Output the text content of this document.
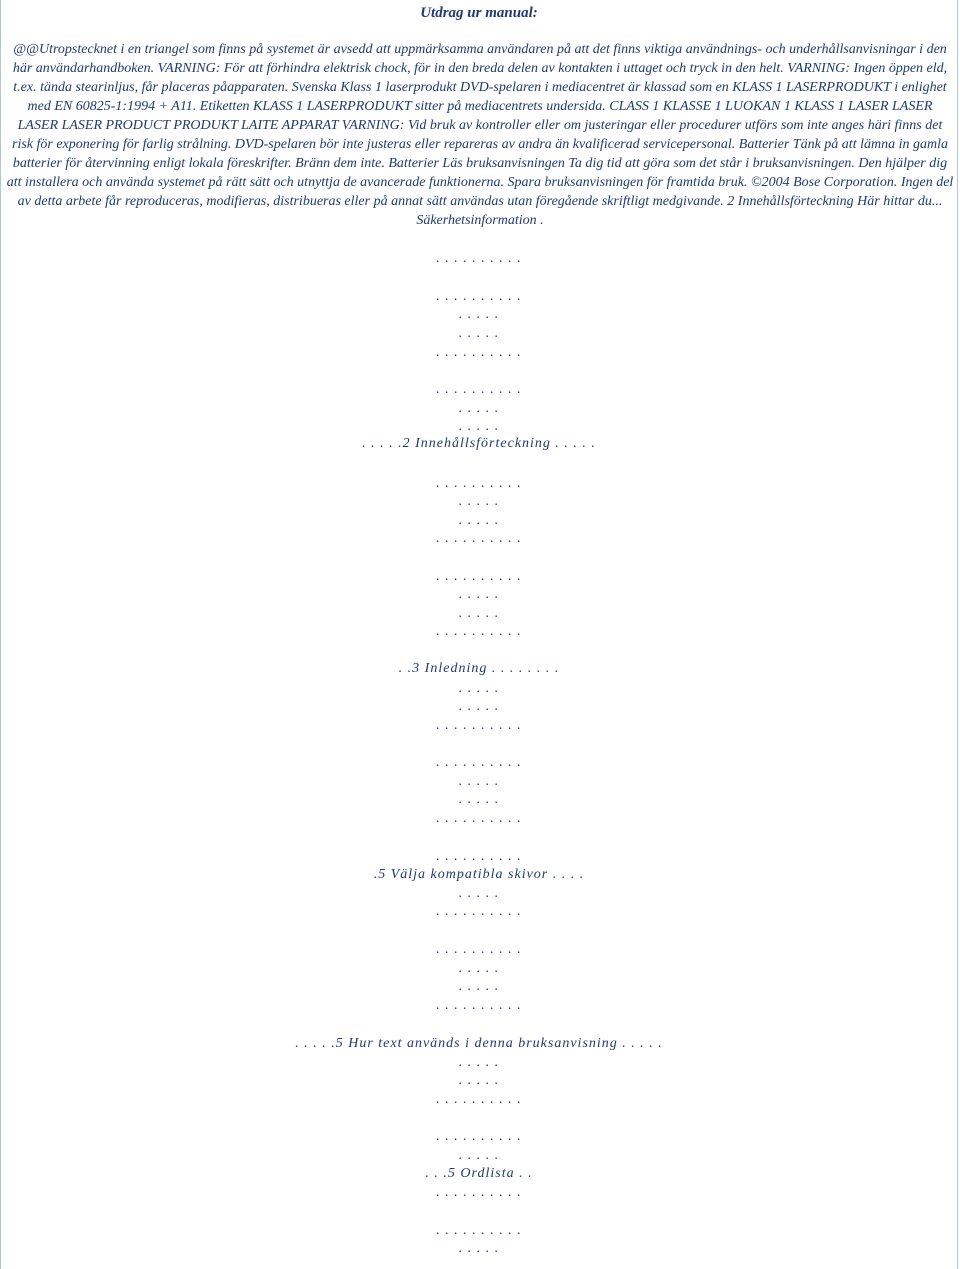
Utdrag ur manual:
@@Utropstecknet i en triangel som finns på systemet är avsedd att uppmärksamma användaren på att det finns viktiga användnings- och underhållsanvisningar i den här användarhandboken. VARNING: För att förhindra elektrisk chock, för in den breda delen av kontakten i uttaget och tryck in den helt. VARNING: Ingen öppen eld, t.ex. tända stearinljus, får placeras påapparaten. Svenska Klass 1 laserprodukt DVD-spelaren i mediacentret är klassad som en KLASS 1 LASERPRODUKT i enlighet med EN 60825-1:1994 + A11. Etiketten KLASS 1 LASERPRODUKT sitter på mediacentrets undersida. CLASS 1 KLASSE 1 LUOKAN 1 KLASS 1 LASER LASER LASER LASER PRODUCT PRODUKT LAITE APPARAT VARNING: Vid bruk av kontroller eller om justeringar eller procedurer utförs som inte anges häri finns det risk för exponering för farlig strålning. DVD-spelaren bör inte justeras eller repareras av andra än kvalificerad servicepersonal. Batterier Tänk på att lämna in gamla batterier för återvinning enligt lokala föreskrifter. Bränn dem inte. Batterier Läs bruksanvisningen Ta dig tid att göra som det står i bruksanvisningen. Den hjälper dig att installera och använda systemet på rätt sätt och utnyttja de avancerade funktionerna. Spara bruksanvisningen för framtida bruk. ©2004 Bose Corporation. Ingen del av detta arbete får reproduceras, modifieras, distribueras eller på annat sätt användas utan föregående skriftligt medgivande. 2 Innehållsförteckning Här hittar du... Säkerhetsinformation .
. . . . . . . . . .
. . . . . . . . . .
. . . . .
. . . . .
. . . . . . . . . .
. . . . . . . . . .
. . . . .
. . . . .
. . . . .2 Innehållsförteckning . . . . .
. . . . . . . . . .
. . . . .
. . . . .
. . . . . . . . . .
. . . . . . . . . .
. . . . .
. . . . .
. . . . . . . . . .
. .3 Inledning . . . . . . . .
. . . . .
. . . . .
. . . . . . . . . .
. . . . . . . . . .
. . . . .
. . . . .
. . . . . . . . . .
. . . . . . . . . .
.5 Välja kompatibla skivor . . . .
. . . . .
. . . . . . . . . .
. . . . . . . . . .
. . . . .
. . . . .
. . . . . . . . . .
. . . . .5 Hur text används i denna bruksanvisning . . . . .
. . . . .
. . . . .
. . . . . . . . . .
. . . . . . . . . .
. . . . .
. . .5 Ordlista . .
. . . . . . . . . .
. . . . . . . . . .
. . . . .
